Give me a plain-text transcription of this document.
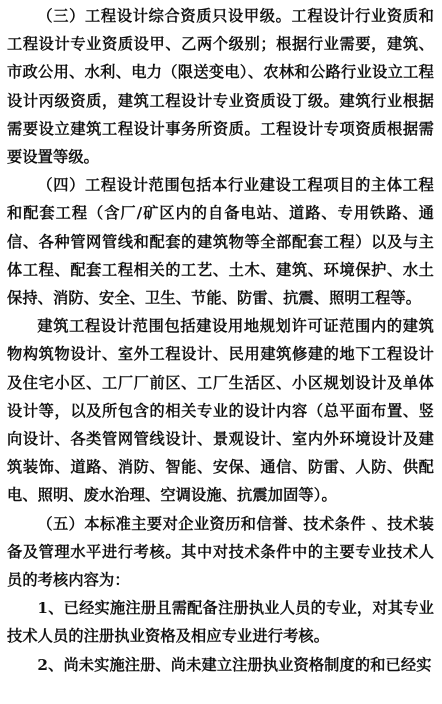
（三）工程设计综合资质只设甲级。工程设计行业资质和工程设计专业资质设甲、乙两个级别；根据行业需要，建筑、市政公用、水利、电力（限送变电）、农林和公路行业设立工程设计丙级资质，建筑工程设计专业资质设丁级。建筑行业根据需要设立建筑工程设计事务所资质。工程设计专项资质根据需要设置等级。

（四）工程设计范围包括本行业建设工程项目的主体工程和配套工程（含厂/矿区内的自备电站、道路、专用铁路、通信、各种管网管线和配套的建筑物等全部配套工程）以及与主体工程、配套工程相关的工艺、土木、建筑、环境保护、水土保持、消防、安全、卫生、节能、防雷、抗震、照明工程等。

建筑工程设计范围包括建设用地规划许可证范围内的建筑物构筑物设计、室外工程设计、民用建筑修建的地下工程设计及住宅小区、工厂厂前区、工厂生活区、小区规划设计及单体设计等，以及所包含的相关专业的设计内容（总平面布置、竖向设计、各类管网管线设计、景观设计、室内外环境设计及建筑装饰、道路、消防、智能、安保、通信、防雷、人防、供配电、照明、废水治理、空调设施、抗震加固等）。

（五）本标准主要对企业资历和信誉、技术条件 、技术装备及管理水平进行考核。其中对技术条件中的主要专业技术人员的考核内容为：

1、已经实施注册且需配备注册执业人员的专业，对其专业技术人员的注册执业资格及相应专业进行考核。

2、尚未实施注册、尚未建立注册执业资格制度的和已经实
